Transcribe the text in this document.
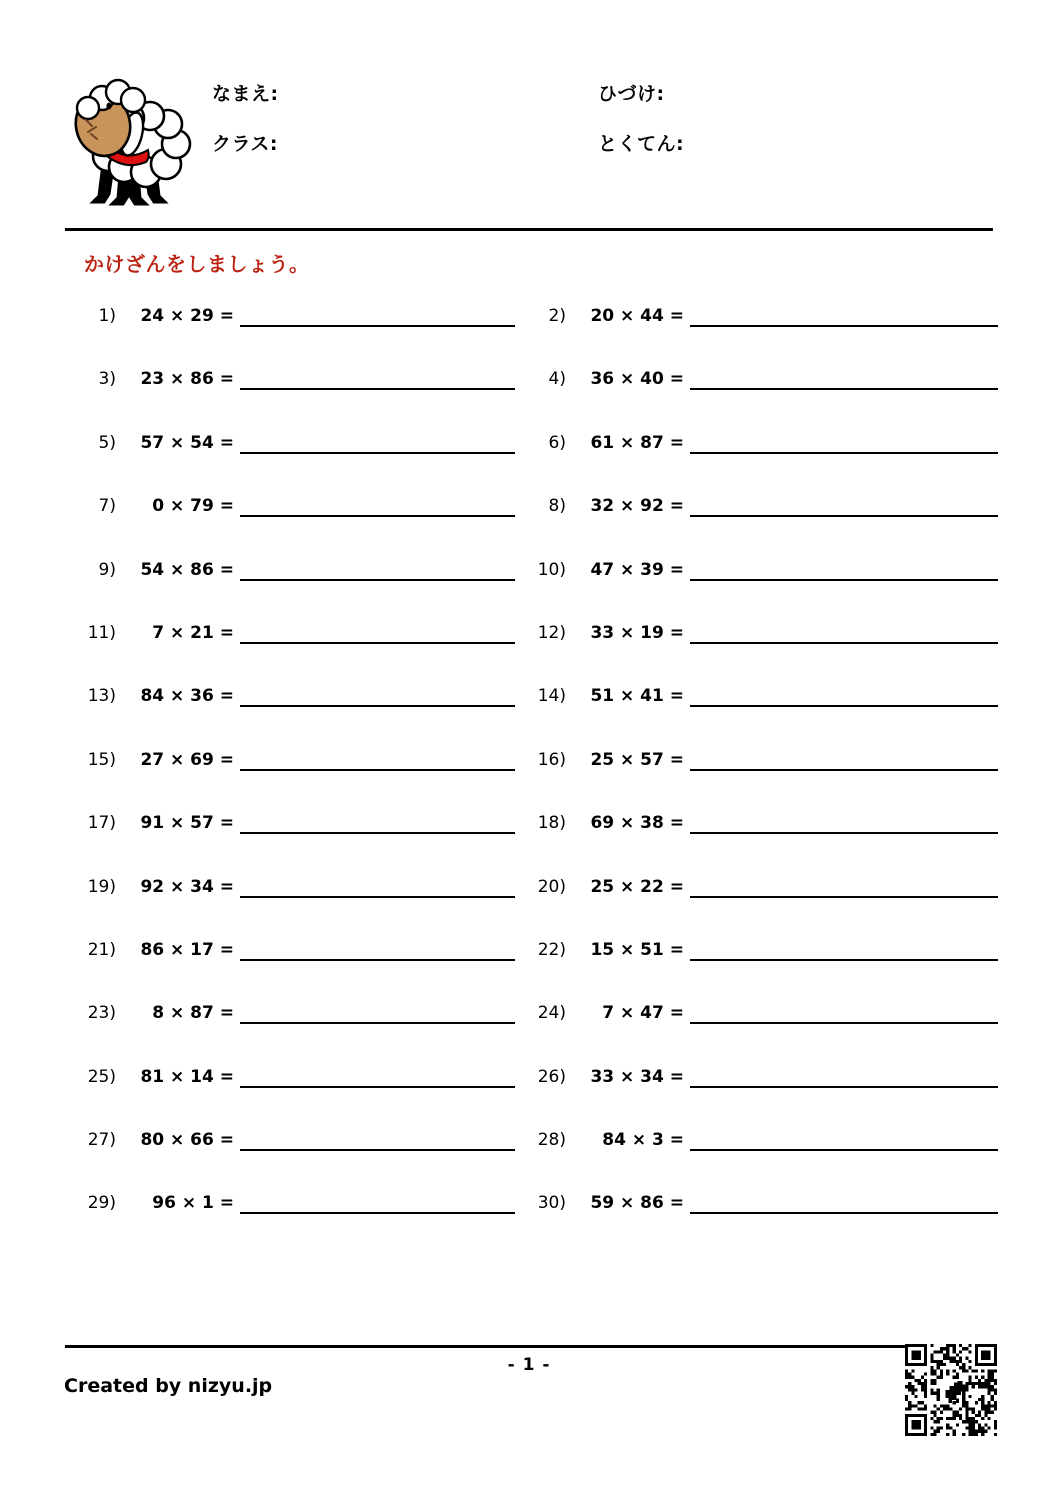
なまえ:
クラス:
ひづけ:
とくてん:
かけざんをしましょう。
1)	24 × 29 =	2)	20 × 44 =
3)	23 × 86 =	4)	36 × 40 =
5)	57 × 54 =	6)	61 × 87 =
7)	0 × 79 =	8)	32 × 92 =
9)	54 × 86 =	10)	47 × 39 =
11)	7 × 21 =	12)	33 × 19 =
13)	84 × 36 =	14)	51 × 41 =
15)	27 × 69 =	16)	25 × 57 =
17)	91 × 57 =	18)	69 × 38 =
19)	92 × 34 =	20)	25 × 22 =
21)	86 × 17 =	22)	15 × 51 =
23)	8 × 87 =	24)	7 × 47 =
25)	81 × 14 =	26)	33 × 34 =
27)	80 × 66 =	28)	84 × 3 =
29)	96 × 1 =	30)	59 × 86 =
- 1 -
Created by nizyu.jp
